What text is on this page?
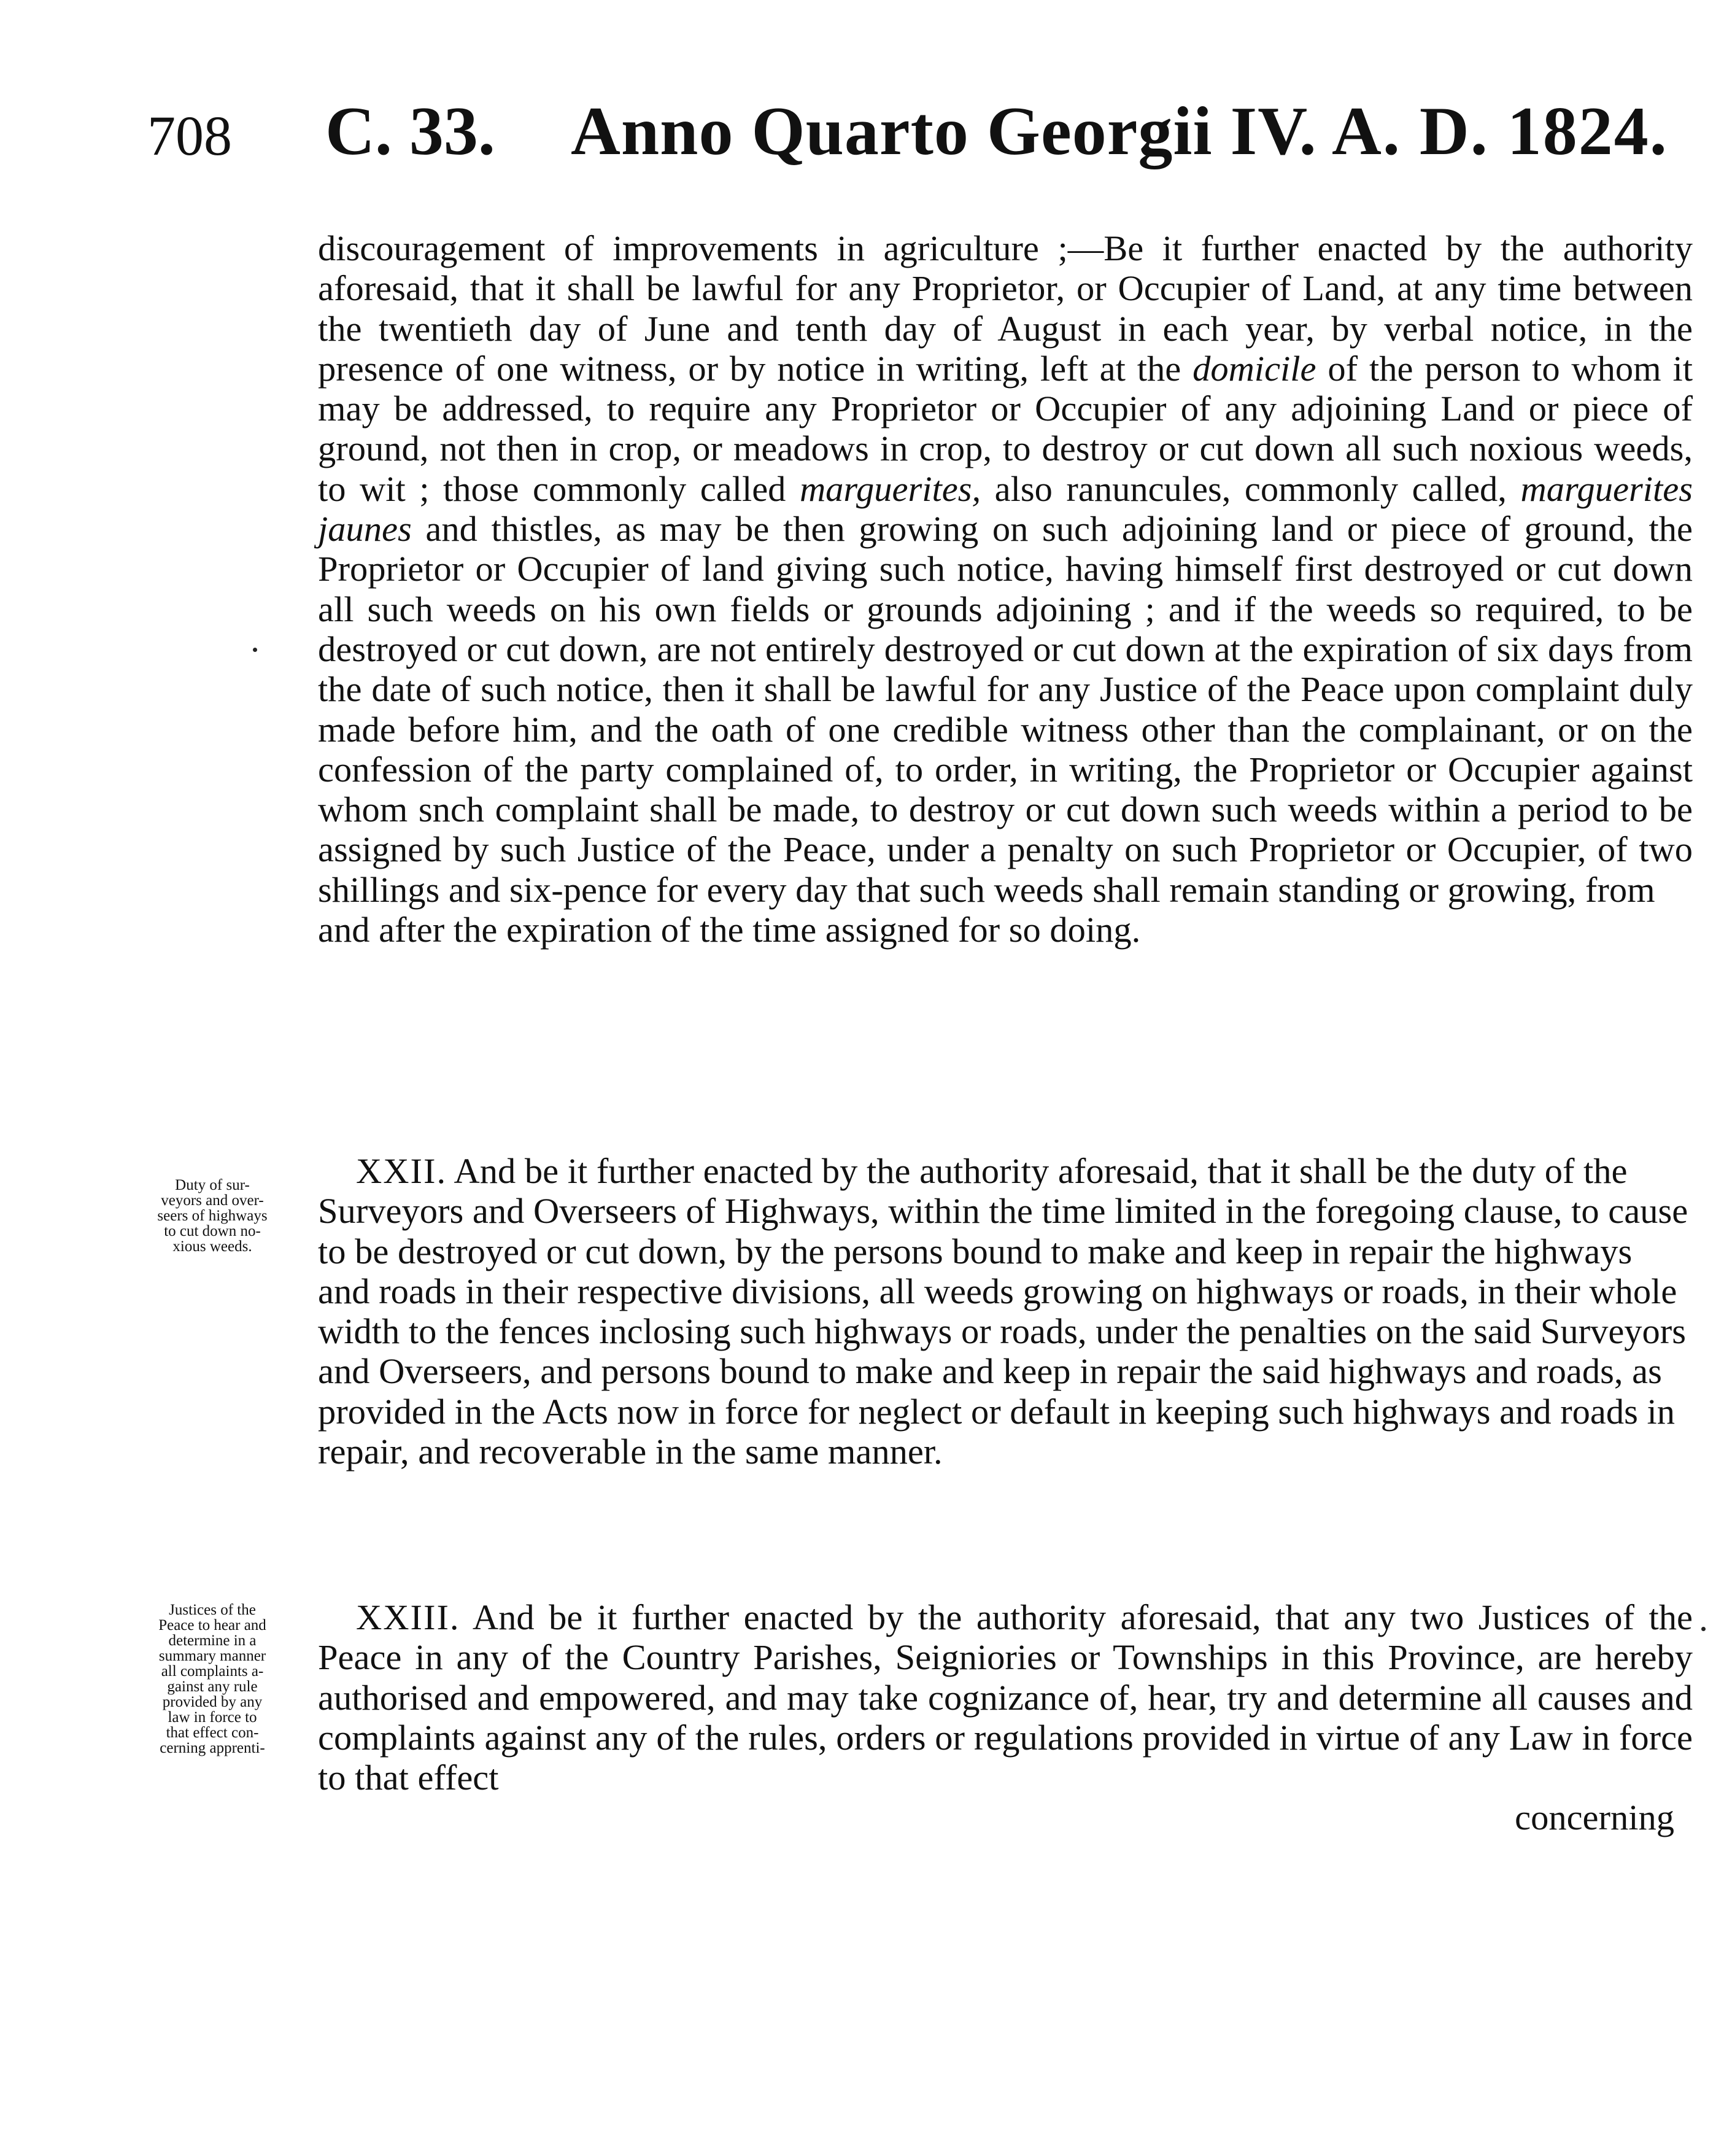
708 C. 33. Anno Quarto Georgii IV. A. D. 1824.

discouragement of improvements in agriculture ;—Be it further enacted by the authority aforesaid, that it shall be lawful for any Proprietor, or Occupier of Land, at any time between the twentieth day of June and tenth day of August in each year, by verbal notice, in the presence of one witness, or by notice in writing, left at the domicile of the person to whom it may be addressed, to require any Proprietor or Occupier of any adjoining Land or piece of ground, not then in crop, or meadows in crop, to destroy or cut down all such noxious weeds, to wit ; those commonly called marguerites, also ranuncules, commonly called, marguerites jaunes and thistles, as may be then growing on such adjoining land or piece of ground, the Proprietor or Occupier of land giving such notice, having himself first destroyed or cut down all such weeds on his own fields or grounds adjoining ; and if the weeds so required, to be destroyed or cut down, are not entirely destroyed or cut down at the expiration of six days from the date of such notice, then it shall be lawful for any Justice of the Peace upon complaint duly made before him, and the oath of one credible witness other than the complainant, or on the confession of the party complained of, to order, in writing, the Proprietor or Occupier against whom snch complaint shall be made, to destroy or cut down such weeds within a period to be assigned by such Justice of the Peace, under a penalty on such Proprietor or Occupier, of two shillings and six-pence for every day that such weeds shall remain standing or growing, from

and after the expiration of the time assigned for so doing.

Duty of sur-

veyors and over-

seers of highways

to cut down no-

xious weeds.

XXII. And be it further enacted by the authority aforesaid, that it shall be the duty of the Surveyors and Overseers of Highways, within the time limited in the foregoing clause, to cause to be destroyed or cut down, by the persons bound to make and keep in repair the highways and roads in their respective divisions, all weeds growing on highways or roads, in their whole width to the fences inclosing such highways or roads, under the penalties on the said Surveyors and Overseers, and persons bound to make and keep in repair the said highways and roads, as provided in the Acts now in force for neglect or default in keeping such highways and roads in repair, and recoverable in the same manner.

Justices of the

Peace to hear and

determine in a

summary manner

all complaints a-

gainst any rule

provided by any

law in force to

that effect con-

cerning apprenti-

XXIII. And be it further enacted by the authority aforesaid, that any two Justices of the Peace in any of the Country Parishes, Seigniories or Townships in this Province, are hereby authorised and empowered, and may take cognizance of, hear, try and determine all causes and complaints against any of the rules, orders or regulations provided in virtue of any Law in force to that effect

concerning
